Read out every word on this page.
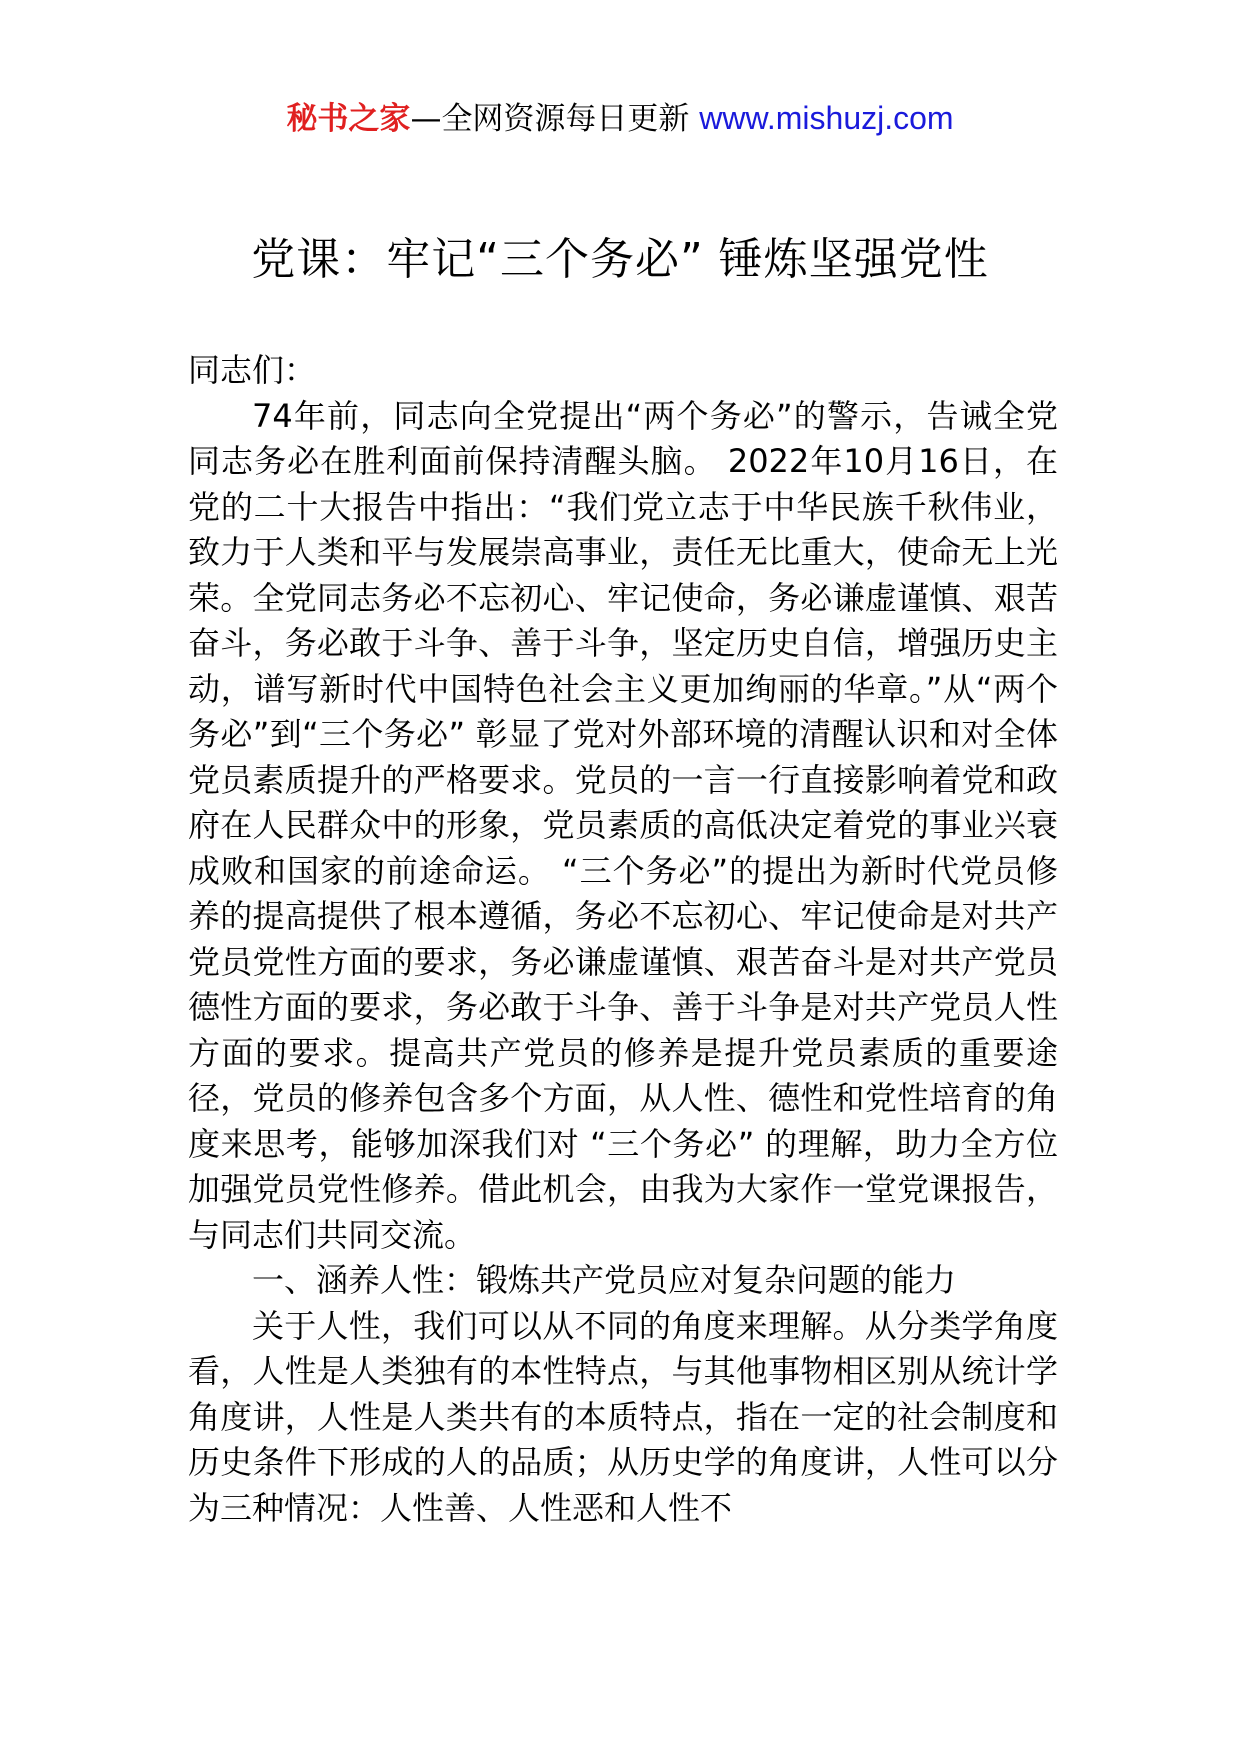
秘书之家—全网资源每日更新 www.mishuzj.com
党课：牢记“三个务必” 锤炼坚强党性

同志们：

74年前，同志向全党提出“两个务必”的警示，告诫全党同志务必在胜利面前保持清醒头脑。 2022年10月16日，在党的二十大报告中指出：“我们党立志于中华民族千秋伟业，致力于人类和平与发展崇高事业，责任无比重大，使命无上光荣。全党同志务必不忘初心、牢记使命，务必谦虚谨慎、艰苦奋斗，务必敢于斗争、善于斗争，坚定历史自信，增强历史主动，谱写新时代中国特色社会主义更加绚丽的华章。”从“两个务必”到“三个务必” 彰显了党对外部环境的清醒认识和对全体党员素质提升的严格要求。党员的一言一行直接影响着党和政府在人民群众中的形象，党员素质的高低决定着党的事业兴衰成败和国家的前途命运。 “三个务必”的提出为新时代党员修养的提高提供了根本遵循，务必不忘初心、牢记使命是对共产党员党性方面的要求，务必谦虚谨慎、艰苦奋斗是对共产党员德性方面的要求，务必敢于斗争、善于斗争是对共产党员人性方面的要求。提高共产党员的修养是提升党员素质的重要途径，党员的修养包含多个方面，从人性、德性和党性培育的角度来思考，能够加深我们对 “三个务必” 的理解，助力全方位加强党员党性修养。借此机会，由我为大家作一堂党课报告，与同志们共同交流。

一、涵养人性：锻炼共产党员应对复杂问题的能力

关于人性，我们可以从不同的角度来理解。从分类学角度看，人性是人类独有的本性特点，与其他事物相区别从统计学角度讲，人性是人类共有的本质特点，指在一定的社会制度和历史条件下形成的人的品质；从历史学的角度讲，人性可以分为三种情况：人性善、人性恶和人性不
